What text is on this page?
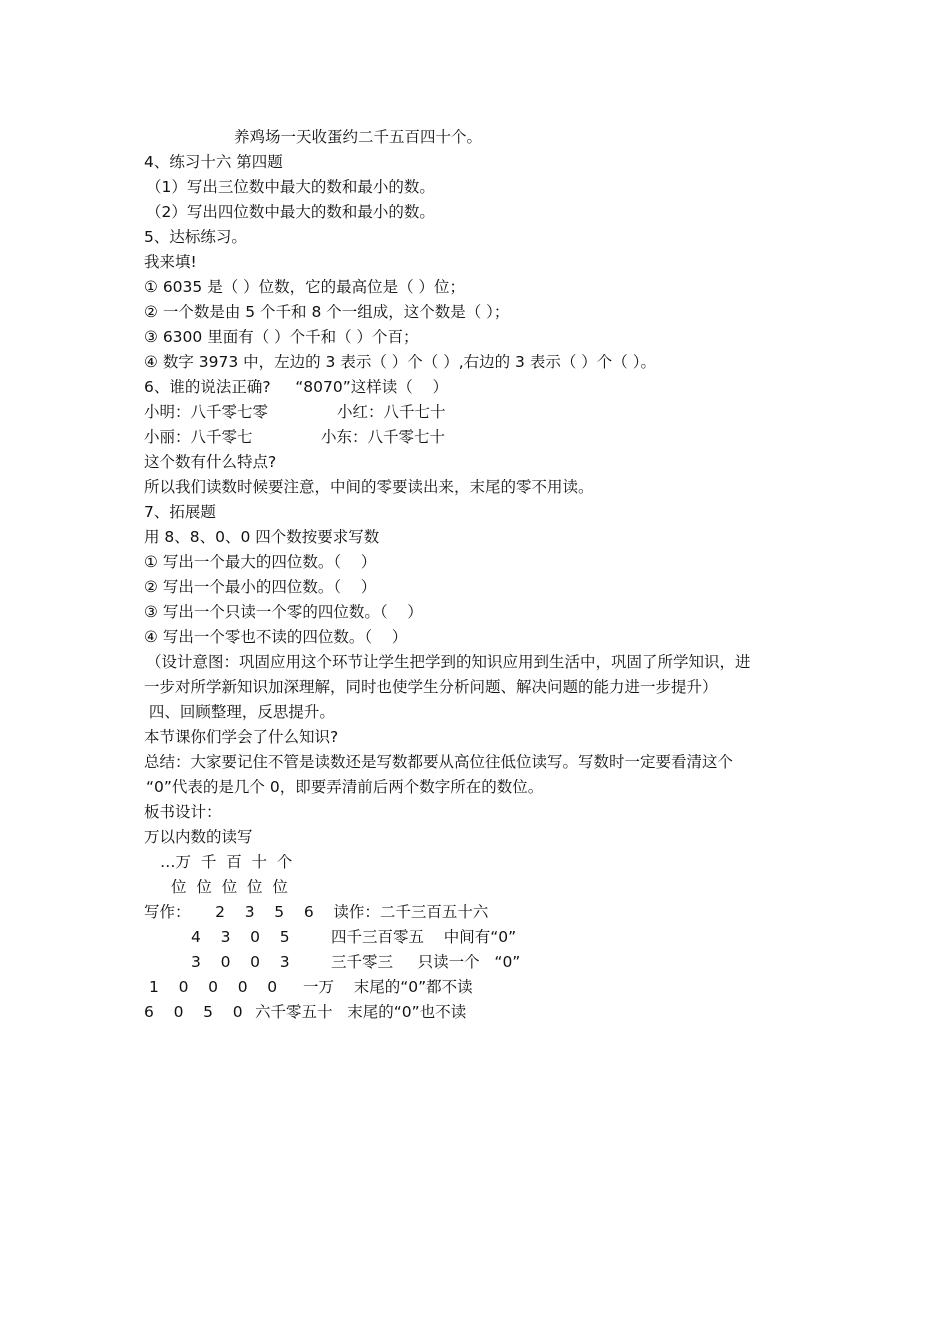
养鸡场一天收蛋约二千五百四十个。
4、练习十六 第四题
（1）写出三位数中最大的数和最小的数。
（2）写出四位数中最大的数和最小的数。
5、达标练习。
我来填!
① 6035 是（ ）位数，它的最高位是（ ）位；
② 一个数是由 5 个千和 8 个一组成，这个数是（ ）；
③ 6300 里面有（ ）个千和（ ）个百；
④ 数字 3973 中，左边的 3 表示（ ）个（ ）,右边的 3 表示（ ）个（ ）。
6、谁的说法正确?     “8070”这样读（    ）
小明：八千零七零	小红：八千七十
小丽：八千零七	小东：八千零七十
这个数有什么特点?
所以我们读数时候要注意，中间的零要读出来，末尾的零不用读。
7、拓展题
用 8、8、0、0 四个数按要求写数
① 写出一个最大的四位数。（    ）
② 写出一个最小的四位数。（    ）
③ 写出一个只读一个零的四位数。（    ）
④ 写出一个零也不读的四位数。（    ）
（设计意图：巩固应用这个环节让学生把学到的知识应用到生活中，巩固了所学知识，进
一步对所学新知识加深理解，同时也使学生分析问题、解决问题的能力进一步提升）
四、回顾整理，反思提升。
本节课你们学会了什么知识?
总结：大家要记住不管是读数还是写数都要从高位往低位读写。写数时一定要看清这个
“0”代表的是几个 0，即要弄清前后两个数字所在的数位。
板书设计：
万以内数的读写
…万  千  百  十  个
位  位  位  位  位
写作：     2    3    5    6    读作：二千三百五十六
4    3    0    5	四千三百零五    中间有“0”
3    0    0    3	三千零三     只读一个   “0”
1    0    0    0    0 一万    末尾的“0”都不读
6    0    5    0 六千零五十   末尾的“0”也不读
